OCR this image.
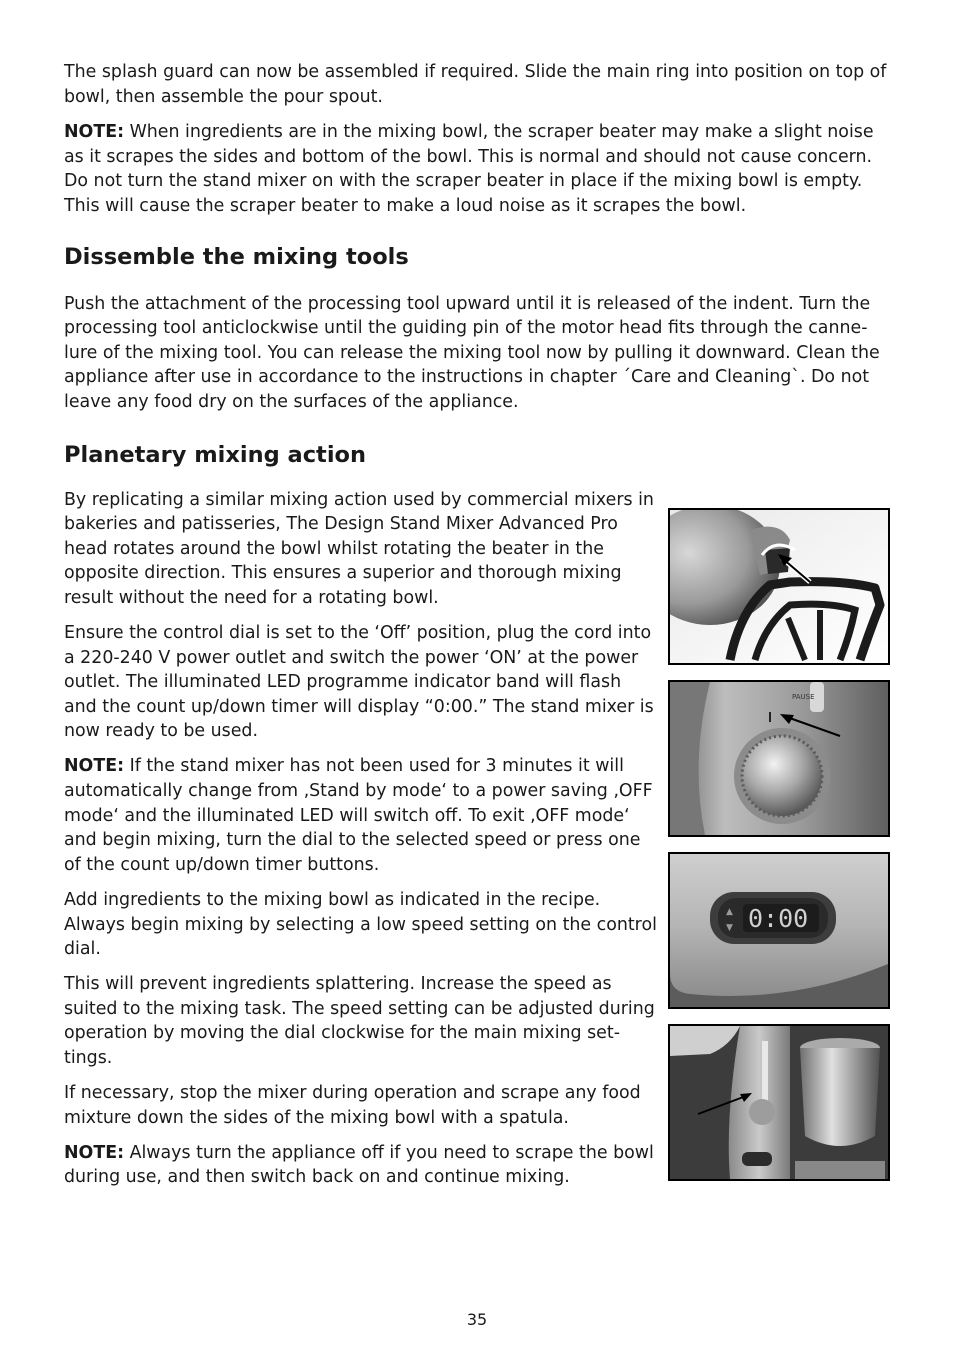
The splash guard can now be assembled if required. Slide the main ring into position on top of bowl, then assemble the pour spout.

NOTE: When ingredients are in the mixing bowl, the scraper beater may make a slight noise as it scrapes the sides and bottom of the bowl. This is normal and should not cause concern. Do not turn the stand mixer on with the scraper beater in place if the mixing bowl is empty. This will cause the scraper beater to make a loud noise as it scrapes the bowl.

Dissemble the mixing tools

Push the attachment of the processing tool upward until it is released of the indent. Turn the processing tool anticlockwise until the guiding pin of the motor head fits through the canne-lure of the mixing tool. You can release the mixing tool now by pulling it downward. Clean the appliance after use in accordance to the instructions in chapter ´Care and Cleaning`. Do not leave any food dry on the surfaces of the appliance.

Planetary mixing action

By replicating a similar mixing action used by commercial mixers in bakeries and patisseries, The Design Stand Mixer Advanced Pro head rotates around the bowl whilst rotating the beater in the opposite direction. This ensures a superior and thorough mixing result without the need for a rotating bowl.

Ensure the control dial is set to the ‘Off’ position, plug the cord into a 220-240 V power outlet and switch the power ‘ON’ at the power outlet. The illuminated LED programme indicator band will flash and the count up/down timer will display “0:00.” The stand mixer is now ready to be used.

NOTE: If the stand mixer has not been used for 3 minutes it will automatically change from ‚Stand by mode‘ to a power saving ‚OFF mode‘ and the illuminated LED will switch off. To exit ‚OFF mode‘ and begin mixing, turn the dial to the selected speed or press one of the count up/down timer buttons.

Add ingredients to the mixing bowl as indicated in the recipe. Always begin mixing by selecting a low speed setting on the control dial.

This will prevent ingredients splattering. Increase the speed as suited to the mixing task. The speed setting can be adjusted during operation by moving the dial clockwise for the main mixing set-tings.

If necessary, stop the mixer during operation and scrape any food mixture down the sides of the mixing bowl with a spatula.

NOTE: Always turn the appliance off if you need to scrape the bowl during use, and then switch back on and continue mixing.

PAUSE
▲
▼ 0:00
35
